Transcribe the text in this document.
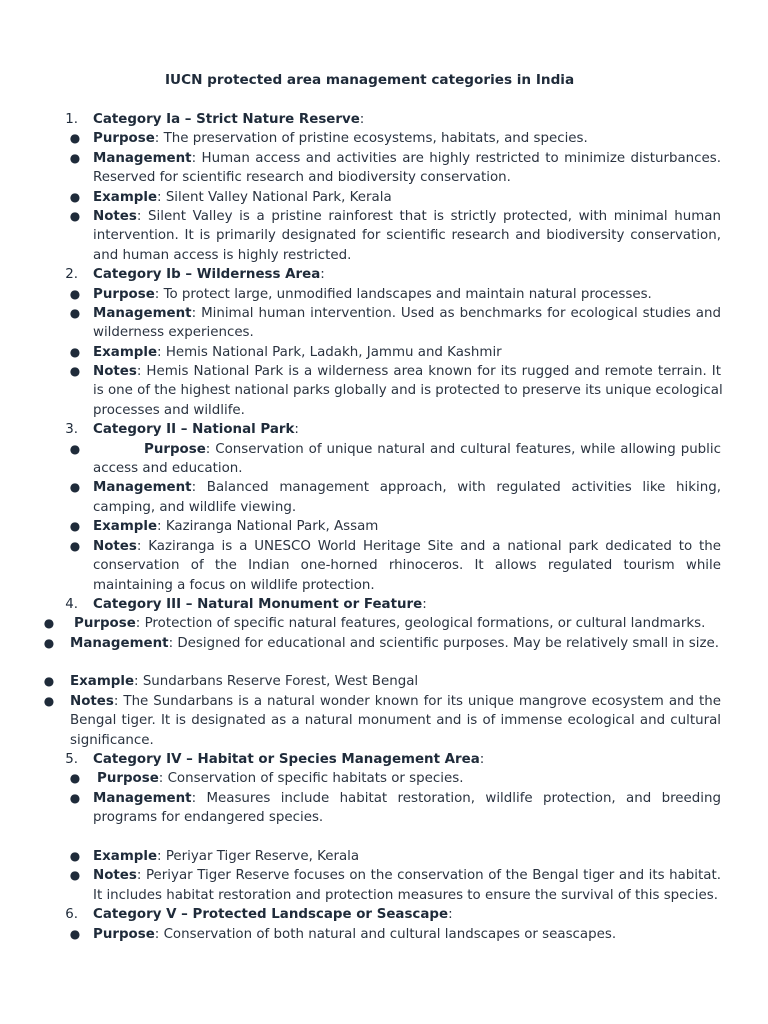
IUCN protected area management categories in India
1. Category Ia – Strict Nature Reserve:
● Purpose: The preservation of pristine ecosystems, habitats, and species.
● Management: Human access and activities are highly restricted to minimize disturbances.
Reserved for scientific research and biodiversity conservation.
● Example: Silent Valley National Park, Kerala
● Notes: Silent Valley is a pristine rainforest that is strictly protected, with minimal human
intervention. It is primarily designated for scientific research and biodiversity conservation,
and human access is highly restricted.
2. Category Ib – Wilderness Area:
● Purpose: To protect large, unmodified landscapes and maintain natural processes.
● Management: Minimal human intervention. Used as benchmarks for ecological studies and
wilderness experiences.
● Example: Hemis National Park, Ladakh, Jammu and Kashmir
● Notes: Hemis National Park is a wilderness area known for its rugged and remote terrain. It
is one of the highest national parks globally and is protected to preserve its unique ecological
processes and wildlife.
3. Category II – National Park:
●	Purpose: Conservation of unique natural and cultural features, while allowing public
access and education.
● Management: Balanced management approach, with regulated activities like hiking,
camping, and wildlife viewing.
● Example: Kaziranga National Park, Assam
● Notes: Kaziranga is a UNESCO World Heritage Site and a national park dedicated to the
conservation of the Indian one-horned rhinoceros. It allows regulated tourism while
maintaining a focus on wildlife protection.
4. Category III – Natural Monument or Feature:
● Purpose: Protection of specific natural features, geological formations, or cultural landmarks.
● Management: Designed for educational and scientific purposes. May be relatively small in size.
● Example: Sundarbans Reserve Forest, West Bengal
● Notes: The Sundarbans is a natural wonder known for its unique mangrove ecosystem and the
Bengal tiger. It is designated as a natural monument and is of immense ecological and cultural
significance.
5. Category IV – Habitat or Species Management Area:
● Purpose: Conservation of specific habitats or species.
● Management: Measures include habitat restoration, wildlife protection, and breeding
programs for endangered species.
● Example: Periyar Tiger Reserve, Kerala
● Notes: Periyar Tiger Reserve focuses on the conservation of the Bengal tiger and its habitat.
It includes habitat restoration and protection measures to ensure the survival of this species.
6. Category V – Protected Landscape or Seascape:
● Purpose: Conservation of both natural and cultural landscapes or seascapes.
